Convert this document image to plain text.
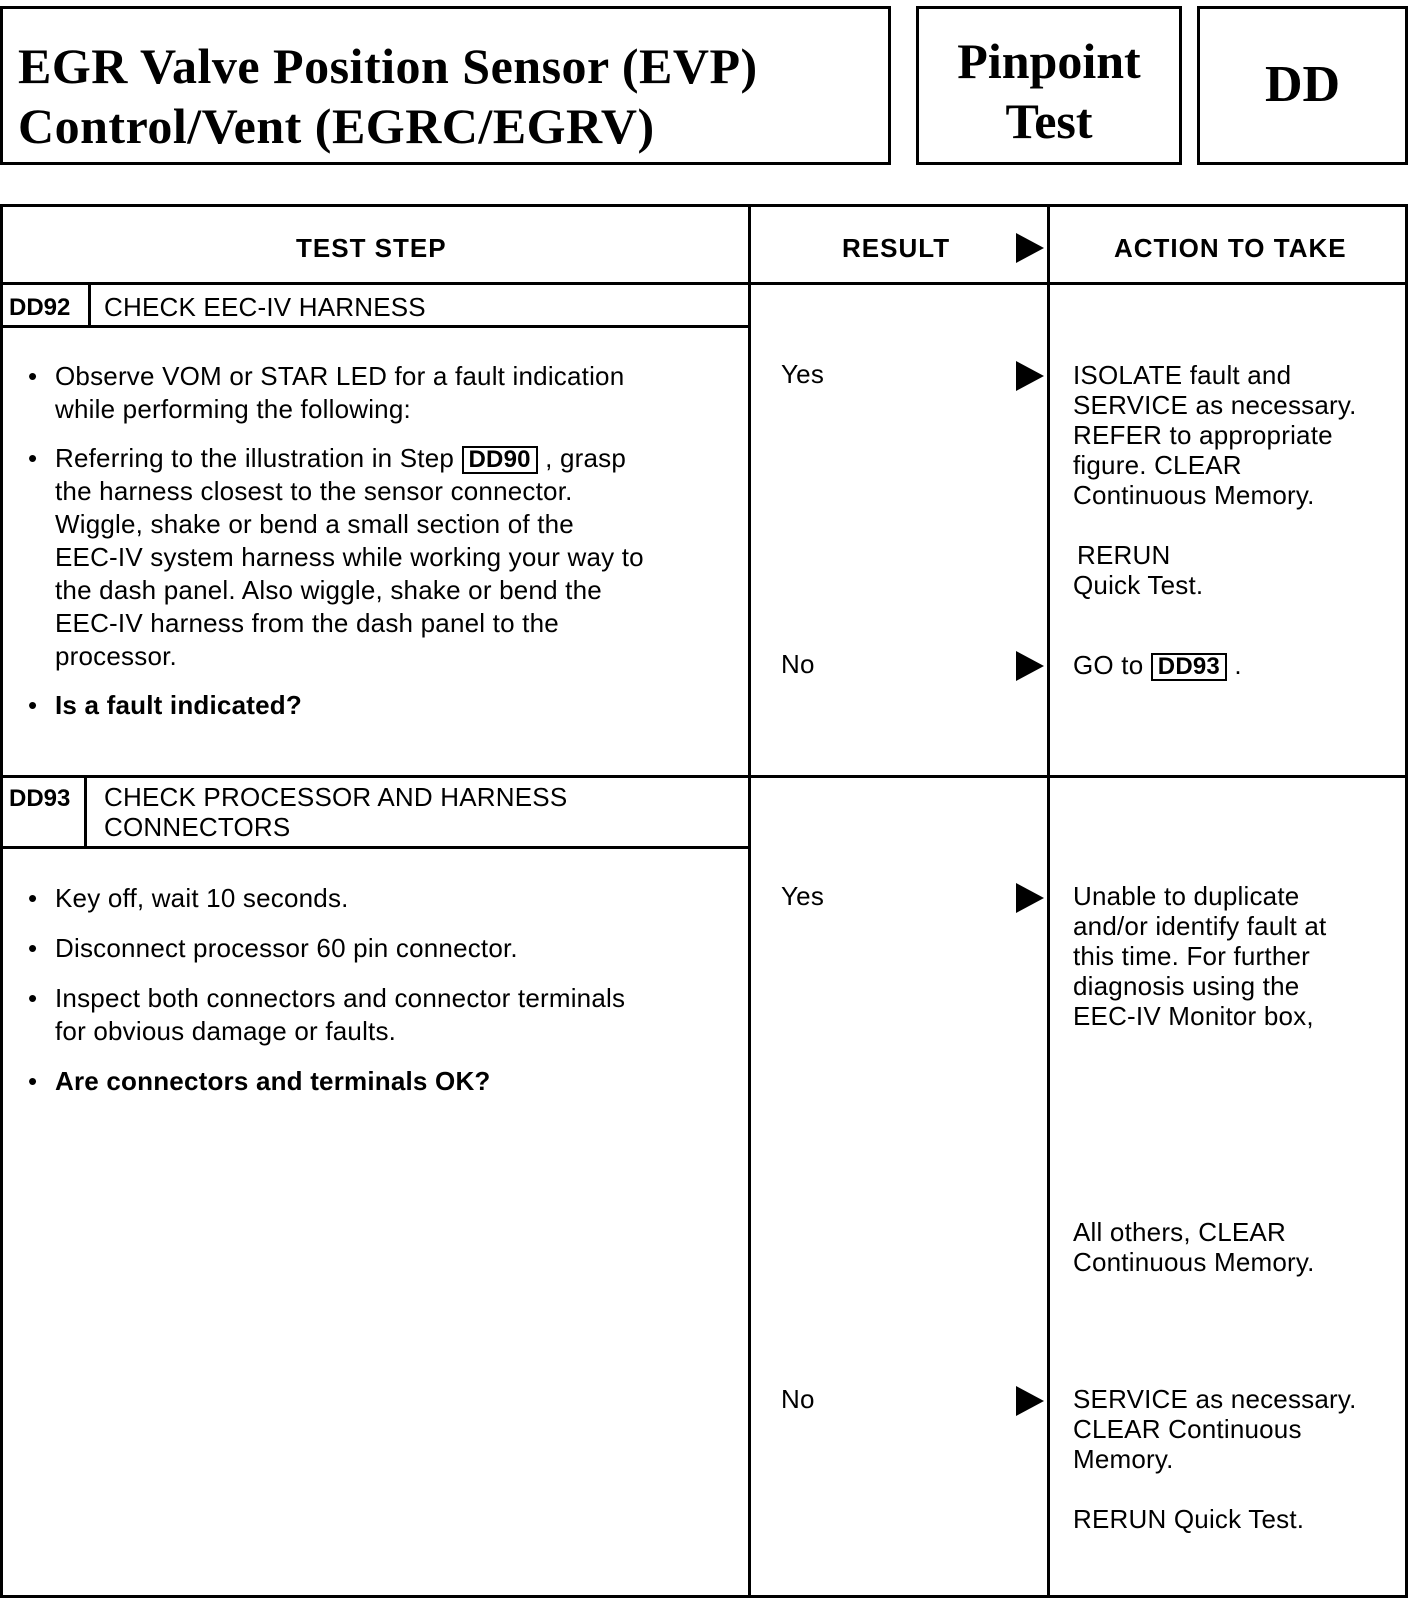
EGR Valve Position Sensor (EVP)
Control/Vent (EGRC/EGRV)
Pinpoint
Test
DD
TEST STEP	RESULT	ACTION TO TAKE
DD92 CHECK EEC-IV HARNESS
• Observe VOM or STAR LED for a fault indication
while performing the following:
• Referring to the illustration in Step DD90 , grasp
the harness closest to the sensor connector.
Wiggle, shake or bend a small section of the
EEC-IV system harness while working your way to
the dash panel. Also wiggle, shake or bend the
EEC-IV harness from the dash panel to the
processor.
• Is a fault indicated?
Yes	ISOLATE fault and
SERVICE as necessary.
REFER to appropriate
figure. CLEAR
Continuous Memory.
RERUN
Quick Test.
No	GO to DD93 .
DD93 CHECK PROCESSOR AND HARNESS
CONNECTORS
• Key off, wait 10 seconds.
• Disconnect processor 60 pin connector.
• Inspect both connectors and connector terminals
for obvious damage or faults.
• Are connectors and terminals OK?
Yes	Unable to duplicate
and/or identify fault at
this time. For further
diagnosis using the
EEC-IV Monitor box,
All others, CLEAR
Continuous Memory.
No	SERVICE as necessary.
CLEAR Continuous
Memory.
RERUN Quick Test.
